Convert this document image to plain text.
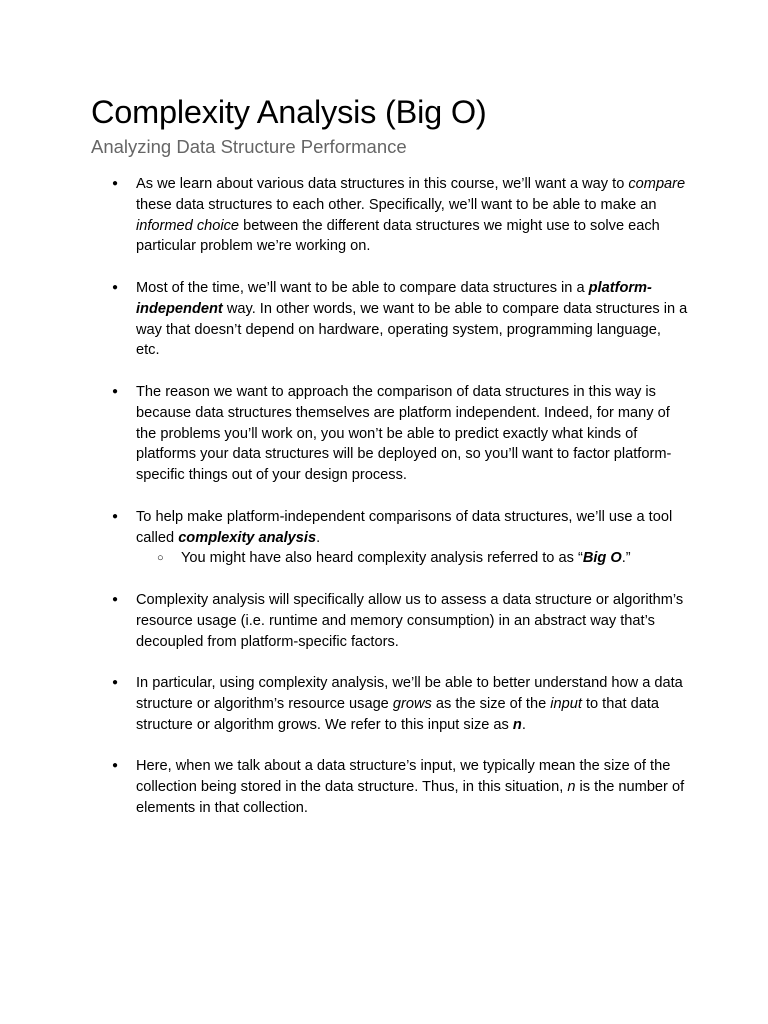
Complexity Analysis (Big O)
Analyzing Data Structure Performance
● As we learn about various data structures in this course, we’ll want a way to compare these data structures to each other. Specifically, we’ll want to be able to make an informed choice between the different data structures we might use to solve each particular problem we’re working on.
● Most of the time, we’ll want to be able to compare data structures in a platform-independent way. In other words, we want to be able to compare data structures in a way that doesn’t depend on hardware, operating system, programming language, etc.
● The reason we want to approach the comparison of data structures in this way is because data structures themselves are platform independent. Indeed, for many of the problems you’ll work on, you won’t be able to predict exactly what kinds of platforms your data structures will be deployed on, so you’ll want to factor platform-specific things out of your design process.
● To help make platform-independent comparisons of data structures, we’ll use a tool called complexity analysis.
○ You might have also heard complexity analysis referred to as “Big O.”
● Complexity analysis will specifically allow us to assess a data structure or algorithm’s resource usage (i.e. runtime and memory consumption) in an abstract way that’s decoupled from platform-specific factors.
● In particular, using complexity analysis, we’ll be able to better understand how a data structure or algorithm’s resource usage grows as the size of the input to that data structure or algorithm grows. We refer to this input size as n.
● Here, when we talk about a data structure’s input, we typically mean the size of the collection being stored in the data structure. Thus, in this situation, n is the number of elements in that collection.
